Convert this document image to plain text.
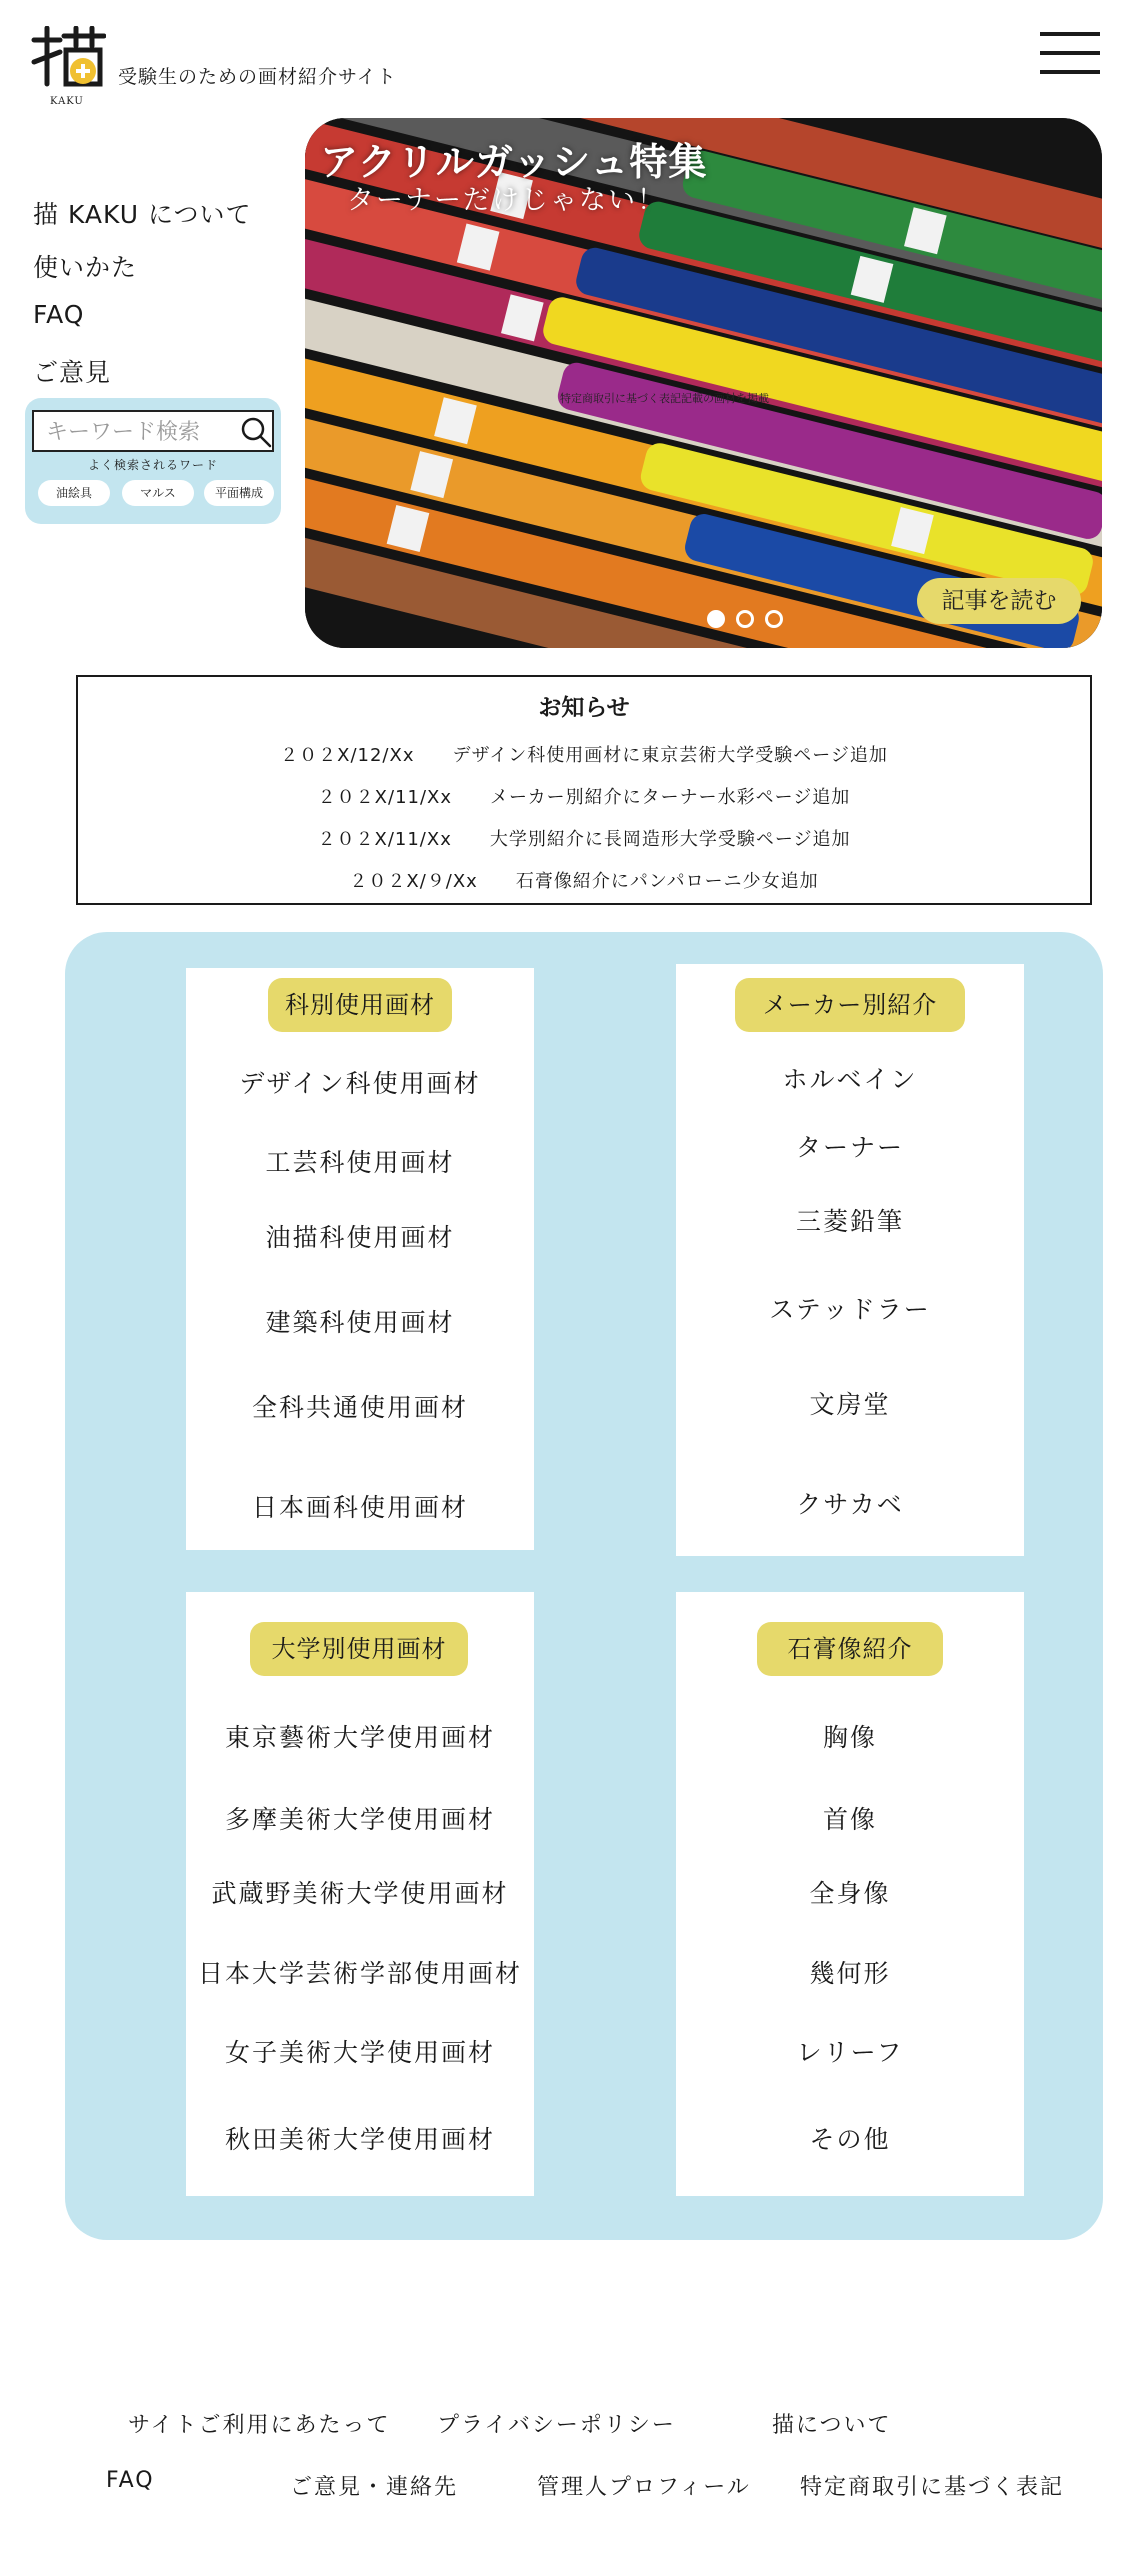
KAKU
受験生のための画材紹介サイト
描 KAKU について
使いかた
FAQ
ご意見
キーワード検索
よく検索されるワード
油絵具	マルス	平面構成
アクリルガッシュ特集
ターナーだけじゃない！
特定商取引に基づく表記記載の画材を掲載
記事を読む
お知らせ
２０２X/12/Xx　　 デザイン科使用画材に東京芸術大学受験ページ追加
２０２X/11/Xx　　 メーカー別紹介にターナー水彩ページ追加
２０２X/11/Xx　　 大学別紹介に長岡造形大学受験ページ追加
２０２X/９/Xx　　 石膏像紹介にパンパローニ少女追加
科別使用画材
デザイン科使用画材
工芸科使用画材
油描科使用画材
建築科使用画材
全科共通使用画材
日本画科使用画材
メーカー別紹介
ホルベイン
ターナー
三菱鉛筆
ステッドラー
文房堂
クサカベ
大学別使用画材
東京藝術大学使用画材
多摩美術大学使用画材
武蔵野美術大学使用画材
日本大学芸術学部使用画材
女子美術大学使用画材
秋田美術大学使用画材
石膏像紹介
胸像
首像
全身像
幾何形
レリーフ
その他
サイトご利用にあたって プライバシーポリシー	描について
FAQ	ご意見・連絡先	管理人プロフィール 特定商取引に基づく表記
